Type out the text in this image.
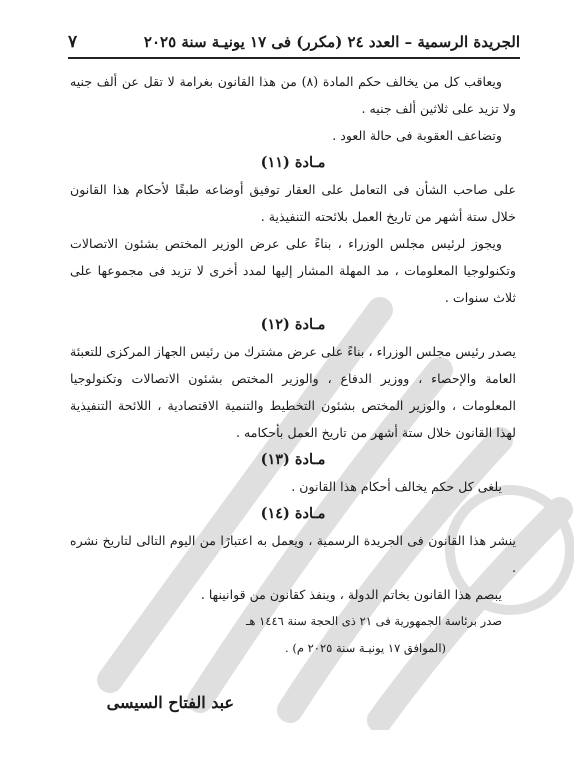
الجريدة الرسمية – العدد ٢٤ (مكرر) فى ١٧ يونيـة سنة ٢٠٢٥
٧

ويعاقب كل من يخالف حكم المادة (٨) من هذا القانون بغرامة لا تقل عن ألف جنيه ولا تزيد على ثلاثين ألف جنيه .

وتضاعف العقوبة فى حالة العود .

مـادة (١١)

على صاحب الشأن فى التعامل على العقار توفيق أوضاعه طبقًا لأحكام هذا القانون خلال ستة أشهر من تاريخ العمل بلائحته التنفيذية .

ويجوز لرئيس مجلس الوزراء ، بناءً على عرض الوزير المختص بشئون الاتصالات وتكنولوجيا المعلومات ، مد المهلة المشار إليها لمدد أخرى لا تزيد فى مجموعها على ثلاث سنوات .

مـادة (١٢)

يصدر رئيس مجلس الوزراء ، بناءً على عرض مشترك من رئيس الجهاز المركزى للتعبئة العامة والإحصاء ، ووزير الدفاع ، والوزير المختص بشئون الاتصالات وتكنولوجيا المعلومات ، والوزير المختص بشئون التخطيط والتنمية الاقتصادية ، اللائحة التنفيذية لهذا القانون خلال ستة أشهر من تاريخ العمل بأحكامه .

مـادة (١٣)

يلغى كل حكم يخالف أحكام هذا القانون .

مـادة (١٤)

ينشر هذا القانون فى الجريدة الرسمية ، ويعمل به اعتبارًا من اليوم التالى لتاريخ نشره .

يبصم هذا القانون بخاتم الدولة ، وينفذ كقانون من قوانينها .

صدر برئاسة الجمهورية فى ٢١ ذى الحجة سنة ١٤٤٦ هـ

(الموافق ١٧ يونيـة سنة ٢٠٢٥ م) .

عبد الفتاح السيسى
